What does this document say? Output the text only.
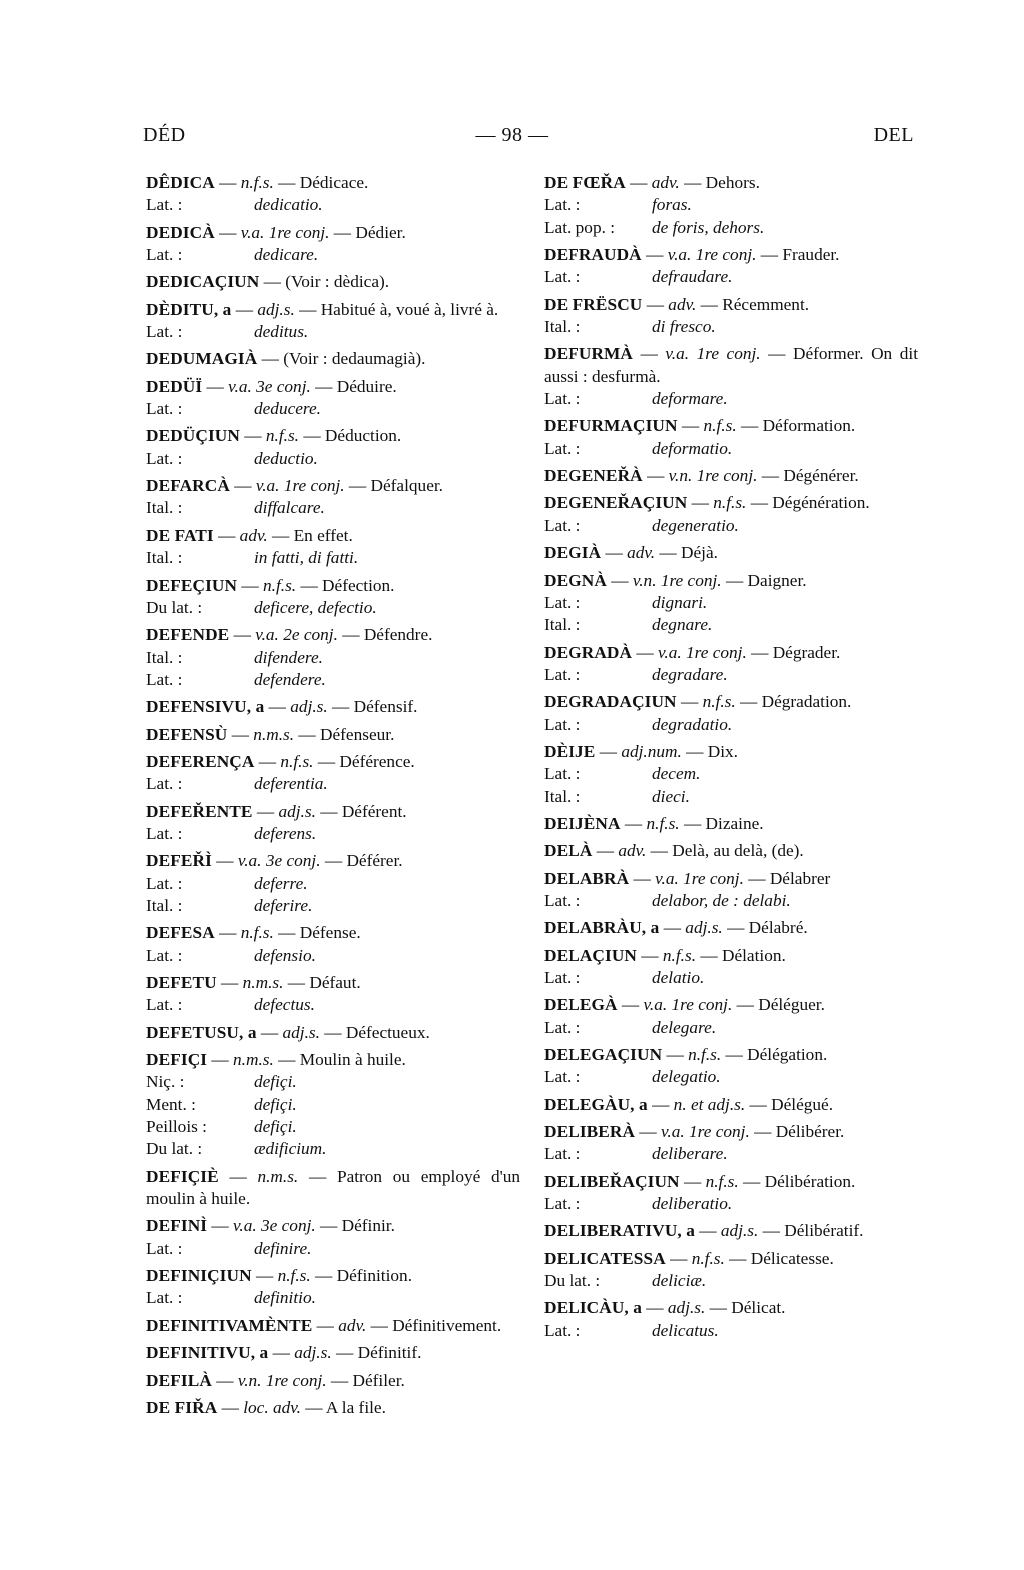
DÉD	— 98 —	DEL

DÊDICA — n.f.s. — Dédicace.

Lat. :	dedicatio.

DEDICÀ — v.a. 1re conj. — Dédier.

Lat. :	dedicare.

DEDICAÇIUN — (Voir : dèdica).

DÈDITU, a — adj.s. — Habitué à, voué à, livré à.

Lat. :	deditus.

DEDUMAGIÀ — (Voir : dedaumagià).

DEDÜÏ — v.a. 3e conj. — Déduire.

Lat. :	deducere.

DEDÜÇIUN — n.f.s. — Déduction.

Lat. :	deductio.

DEFARCÀ — v.a. 1re conj. — Défalquer.

Ital. :	diffalcare.

DE FATI — adv. — En effet.

Ital. :	in fatti, di fatti.

DEFEÇIUN — n.f.s. — Défection.

Du lat. :	deficere, defectio.

DEFENDE — v.a. 2e conj. — Défendre.

Ital. :	difendere.

Lat. :	defendere.

DEFENSIVU, a — adj.s. — Défensif.

DEFENSÙ — n.m.s. — Défenseur.

DEFERENÇA — n.f.s. — Déférence.

Lat. :	deferentia.

DEFEŘENTE — adj.s. — Déférent.

Lat. :	deferens.

DEFEŘÌ — v.a. 3e conj. — Déférer.

Lat. :	deferre.

Ital. :	deferire.

DEFESA — n.f.s. — Défense.

Lat. :	defensio.

DEFETU — n.m.s. — Défaut.

Lat. :	defectus.

DEFETUSU, a — adj.s. — Défectueux.

DEFIÇI — n.m.s. — Moulin à huile.

Niç. :	defiçi.

Ment. :	defiçi.

Peillois :	defiçi.

Du lat. :	ædificium.

DEFIÇIÈ — n.m.s. — Patron ou employé d'un moulin à huile.

DEFINÌ — v.a. 3e conj. — Définir.

Lat. :	definire.

DEFINIÇIUN — n.f.s. — Définition.

Lat. :	definitio.

DEFINITIVAMÈNTE — adv. — Définitivement.

DEFINITIVU, a — adj.s. — Définitif.

DEFILÀ — v.n. 1re conj. — Défiler.

DE FIŘA — loc. adv. — A la file.

DE FŒŘA — adv. — Dehors.

Lat. :	foras.

Lat. pop. : de foris, dehors.

DEFRAUDÀ — v.a. 1re conj. — Frauder.

Lat. :	defraudare.

DE FRËSCU — adv. — Récemment.

Ital. :	di fresco.

DEFURMÀ — v.a. 1re conj. — Déformer. On dit aussi : desfurmà.

Lat. :	deformare.

DEFURMAÇIUN — n.f.s. — Déformation.

Lat. :	deformatio.

DEGENEŘÀ — v.n. 1re conj. — Dégénérer.

DEGENEŘAÇIUN — n.f.s. — Dégénération.

Lat. :	degeneratio.

DEGIÀ — adv. — Déjà.

DEGNÀ — v.n. 1re conj. — Daigner.

Lat. :	dignari.

Ital. :	degnare.

DEGRADÀ — v.a. 1re conj. — Dégrader.

Lat. :	degradare.

DEGRADAÇIUN — n.f.s. — Dégradation.

Lat. :	degradatio.

DÈIJE — adj.num. — Dix.

Lat. :	decem.

Ital. :	dieci.

DEIJÈNA — n.f.s. — Dizaine.

DELÀ — adv. — Delà, au delà, (de).

DELABRÀ — v.a. 1re conj. — Délabrer

Lat. :	delabor, de : delabi.

DELABRÀU, a — adj.s. — Délabré.

DELAÇIUN — n.f.s. — Délation.

Lat. :	delatio.

DELEGÀ — v.a. 1re conj. — Déléguer.

Lat. :	delegare.

DELEGAÇIUN — n.f.s. — Délégation.

Lat. :	delegatio.

DELEGÀU, a — n. et adj.s. — Délégué.

DELIBERÀ — v.a. 1re conj. — Délibérer.

Lat. :	deliberare.

DELIBEŘAÇIUN — n.f.s. — Délibération.

Lat. :	deliberatio.

DELIBERATIVU, a — adj.s. — Délibératif.

DELICATESSA — n.f.s. — Délicatesse.

Du lat. :	deliciæ.

DELICÀU, a — adj.s. — Délicat.

Lat. :	delicatus.
